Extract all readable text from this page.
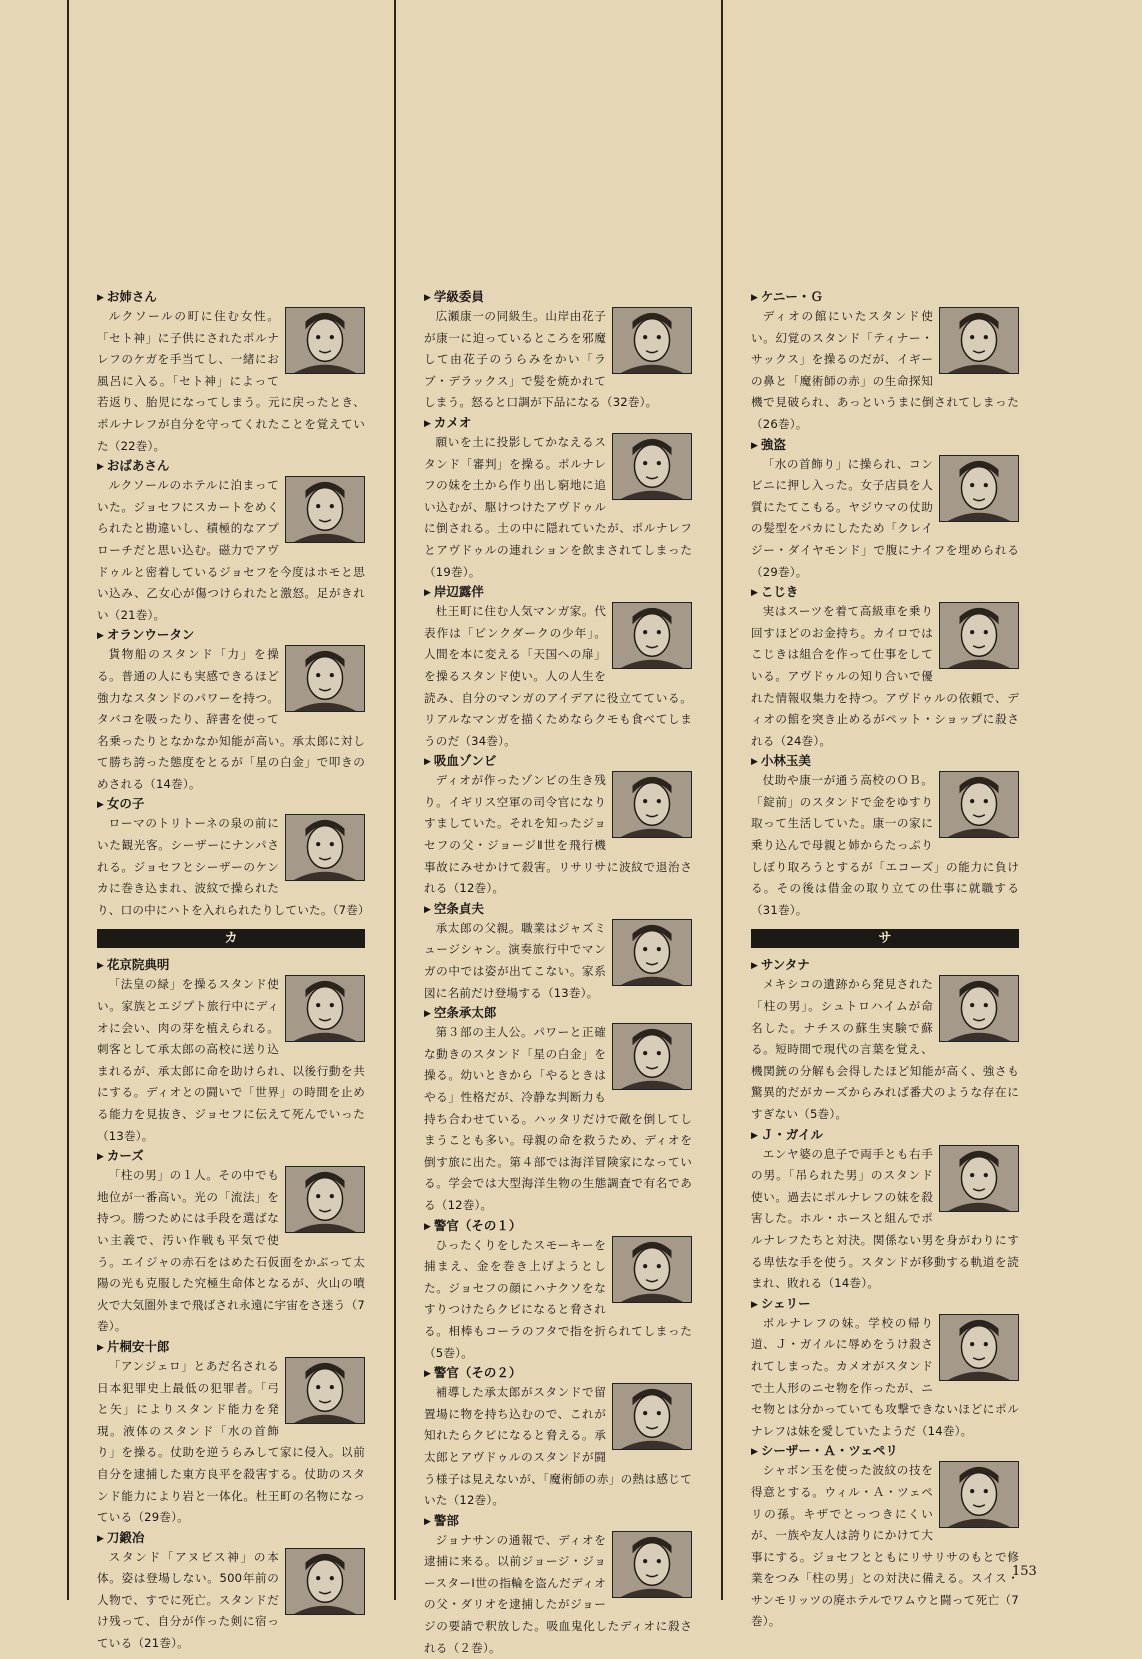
▶ お姉さん

ルクソールの町に住む女性。「セト神」に子供にされたポルナレフのケガを手当てし、一緒にお風呂に入る。「セト神」によって若返り、胎児になってしまう。元に戻ったとき、ポルナレフが自分を守ってくれたことを覚えていた（22巻）。

▶ おばあさん

ルクソールのホテルに泊まっていた。ジョセフにスカートをめくられたと勘違いし、積極的なアプローチだと思い込む。磁力でアヴドゥルと密着しているジョセフを今度はホモと思い込み、乙女心が傷つけられたと激怒。足がきれい（21巻）。

▶ オランウータン

貨物船のスタンド「力」を操る。普通の人にも実感できるほど強力なスタンドのパワーを持つ。タバコを吸ったり、辞書を使って名乗ったりとなかなか知能が高い。承太郎に対して勝ち誇った態度をとるが「星の白金」で叩きのめされる（14巻）。

▶ 女の子

ローマのトリトーネの泉の前にいた観光客。シーザーにナンパされる。ジョセフとシーザーのケンカに巻き込まれ、波紋で操られたり、口の中にハトを入れられたりしていた。（7巻）

カ
▶ 花京院典明

「法皇の緑」を操るスタンド使い。家族とエジプト旅行中にディオに会い、肉の芽を植えられる。刺客として承太郎の高校に送り込まれるが、承太郎に命を助けられ、以後行動を共にする。ディオとの闘いで「世界」の時間を止める能力を見抜き、ジョセフに伝えて死んでいった（13巻）。

▶ カーズ

「柱の男」の１人。その中でも地位が一番高い。光の「流法」を持つ。勝つためには手段を選ばない主義で、汚い作戦も平気で使う。エイジャの赤石をはめた石仮面をかぶって太陽の光も克服した究極生命体となるが、火山の噴火で大気圏外まで飛ばされ永遠に宇宙をさ迷う（7巻）。

▶ 片桐安十郎

「アンジェロ」とあだ名される日本犯罪史上最低の犯罪者。「弓と矢」によりスタンド能力を発現。液体のスタンド「水の首飾り」を操る。仗助を逆うらみして家に侵入。以前自分を逮捕した東方良平を殺害する。仗助のスタンド能力により岩と一体化。杜王町の名物になっている（29巻）。

▶ 刀鍛冶

スタンド「アヌビス神」の本体。姿は登場しない。500年前の人物で、すでに死亡。スタンドだけ残って、自分が作った剣に宿っている（21巻）。

▶ 学級委員

広瀬康一の同級生。山岸由花子が康一に迫っているところを邪魔して由花子のうらみをかい「ラブ・デラックス」で髪を焼かれてしまう。怒ると口調が下品になる（32巻）。

▶ カメオ

願いを土に投影してかなえるスタンド「審判」を操る。ポルナレフの妹を土から作り出し窮地に追い込むが、駆けつけたアヴドゥルに倒される。土の中に隠れていたが、ポルナレフとアヴドゥルの連れションを飲まされてしまった（19巻）。

▶ 岸辺露伴

杜王町に住む人気マンガ家。代表作は「ピンクダークの少年」。人間を本に変える「天国への扉」を操るスタンド使い。人の人生を読み、自分のマンガのアイデアに役立てている。リアルなマンガを描くためならクモも食べてしまうのだ（34巻）。

▶ 吸血ゾンビ

ディオが作ったゾンビの生き残り。イギリス空軍の司令官になりすましていた。それを知ったジョセフの父・ジョージⅡ世を飛行機事故にみせかけて殺害。リサリサに波紋で退治される（12巻）。

▶ 空条貞夫

承太郎の父親。職業はジャズミュージシャン。演奏旅行中でマンガの中では姿が出てこない。家系図に名前だけ登場する（13巻）。

▶ 空条承太郎

第３部の主人公。パワーと正確な動きのスタンド「星の白金」を操る。幼いときから「やるときはやる」性格だが、冷静な判断力も持ち合わせている。ハッタリだけで敵を倒してしまうことも多い。母親の命を救うため、ディオを倒す旅に出た。第４部では海洋冒険家になっている。学会では大型海洋生物の生態調査で有名である（12巻）。

▶ 警官（その１）

ひったくりをしたスモーキーを捕まえ、金を巻き上げようとした。ジョセフの顔にハナクソをなすりつけたらクビになると脅される。相棒もコーラのフタで指を折られてしまった（5巻）。

▶ 警官（その２）

補導した承太郎がスタンドで留置場に物を持ち込むので、これが知れたらクビになると脅える。承太郎とアヴドゥルのスタンドが闘う様子は見えないが、「魔術師の赤」の熱は感じていた（12巻）。

▶ 警部

ジョナサンの通報で、ディオを逮捕に来る。以前ジョージ・ジョースターⅠ世の指輪を盗んだディオの父・ダリオを逮捕したがジョージの要請で釈放した。吸血鬼化したディオに殺される（２巻）。

▶ ケニー・Ｇ

ディオの館にいたスタンド使い。幻覚のスタンド「ティナー・サックス」を操るのだが、イギーの鼻と「魔術師の赤」の生命探知機で見破られ、あっというまに倒されてしまった（26巻）。

▶ 強盗

「水の首飾り」に操られ、コンビニに押し入った。女子店員を人質にたてこもる。ヤジウマの仗助の髪型をバカにしたため「クレイジー・ダイヤモンド」で腹にナイフを埋められる（29巻）。

▶ こじき

実はスーツを着て高級車を乗り回すほどのお金持ち。カイロではこじきは組合を作って仕事をしている。アヴドゥルの知り合いで優れた情報収集力を持つ。アヴドゥルの依頼で、ディオの館を突き止めるがペット・ショップに殺される（24巻）。

▶ 小林玉美

仗助や康一が通う高校のＯＢ。「錠前」のスタンドで金をゆすり取って生活していた。康一の家に乗り込んで母親と姉からたっぷりしぼり取ろうとするが「エコーズ」の能力に負ける。その後は借金の取り立ての仕事に就職する（31巻）。

サ
▶ サンタナ

メキシコの遺跡から発見された「柱の男」。シュトロハイムが命名した。ナチスの蘇生実験で蘇る。短時間で現代の言葉を覚え、機関銃の分解も会得したほど知能が高く、強さも驚異的だがカーズからみれば番犬のような存在にすぎない（5巻）。

▶ Ｊ・ガイル

エンヤ婆の息子で両手とも右手の男。「吊られた男」のスタンド使い。過去にポルナレフの妹を殺害した。ホル・ホースと組んでポルナレフたちと対決。関係ない男を身がわりにする卑怯な手を使う。スタンドが移動する軌道を読まれ、敗れる（14巻）。

▶ シェリー

ポルナレフの妹。学校の帰り道、Ｊ・ガイルに辱めをうけ殺されてしまった。カメオがスタンドで土人形のニセ物を作ったが、ニセ物とは分かっていても攻撃できないほどにポルナレフは妹を愛していたようだ（14巻）。

▶ シーザー・Ａ・ツェペリ

シャボン玉を使った波紋の技を得意とする。ウィル・Ａ・ツェペリの孫。キザでとっつきにくいが、一族や友人は誇りにかけて大事にする。ジョセフとともにリサリサのもとで修業をつみ「柱の男」との対決に備える。スイス・サンモリッツの廃ホテルでワムウと闘って死亡（7巻）。

153
